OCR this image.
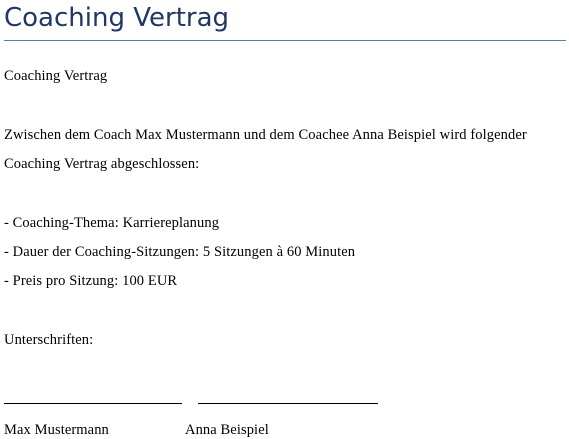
Coaching Vertrag
Coaching Vertrag
Zwischen dem Coach Max Mustermann und dem Coachee Anna Beispiel wird folgender
Coaching Vertrag abgeschlossen:
- Coaching-Thema: Karriereplanung
- Dauer der Coaching-Sitzungen: 5 Sitzungen à 60 Minuten
- Preis pro Sitzung: 100 EUR
Unterschriften:
Max Mustermann	Anna Beispiel
